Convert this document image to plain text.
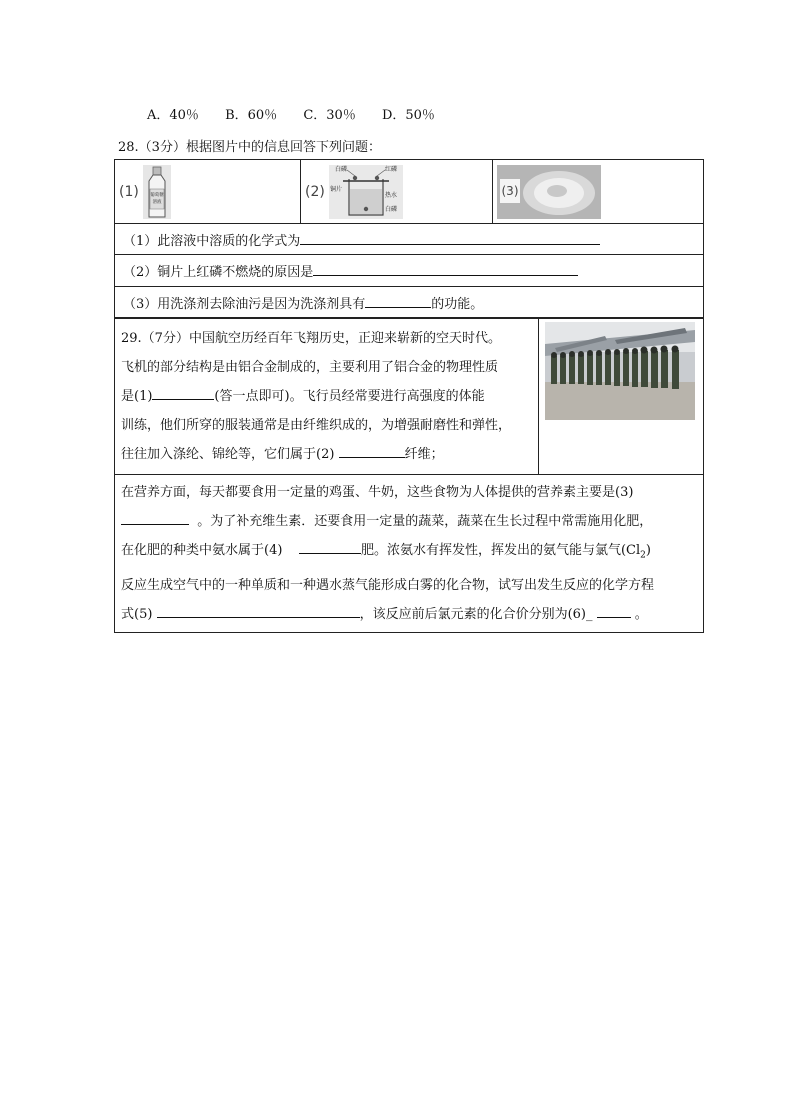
A．40％ B．60％ C．30％ D．50％
28.（3分）根据图片中的信息回答下列问题：
(1)	葡萄糖
溶液

(2)
白磷	红磷
铜片
热水
白磷

(3)

（1）此溶液中溶质的化学式为
（2）铜片上红磷不燃烧的原因是
（3）用洗涤剂去除油污是因为洗涤剂具有	的功能。
29.（7分）中国航空历经百年飞翔历史，正迎来崭新的空天时代。
飞机的部分结构是由铝合金制成的，主要利用了铝合金的物理性质
是(1)	(答一点即可)。飞行员经常要进行高强度的体能
训练，他们所穿的服装通常是由纤维织成的，为增强耐磨性和弹性，
往往加入涤纶、锦纶等，它们属于(2)	纤维；

在营养方面，每天都要食用一定量的鸡蛋、牛奶，这些食物为人体提供的营养素主要是(3)
。为了补充维生素．还要食用一定量的蔬菜，蔬菜在生长过程中常需施用化肥，
在化肥的种类中氨水属于(4)	肥。浓氨水有挥发性，挥发出的氨气能与氯气$(Cl_2)$
反应生成空气中的一种单质和一种遇水蒸气能形成白雾的化合物，试写出发生反应的化学方程
式(5)	，该反应前后氯元素的化合价分别为(6)_	。
